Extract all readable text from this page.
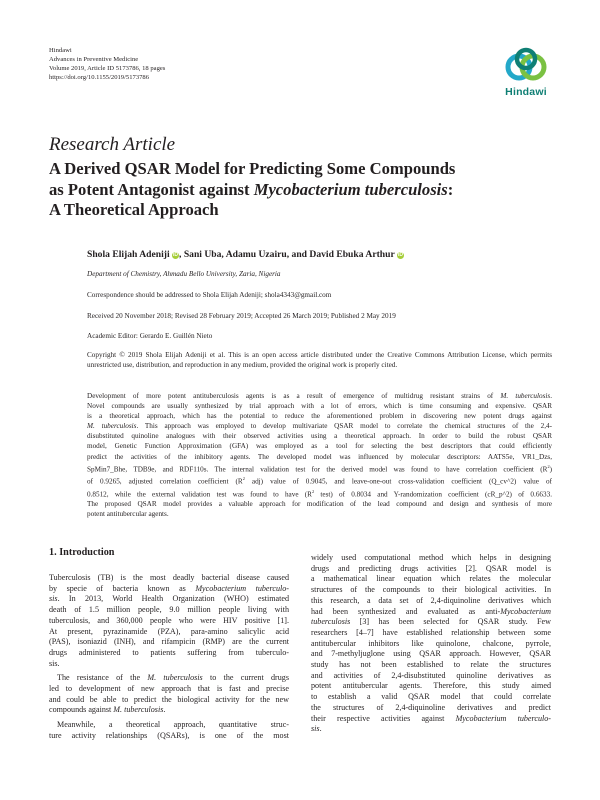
Hindawi
Advances in Preventive Medicine
Volume 2019, Article ID 5173786, 18 pages
https://doi.org/10.1155/2019/5173786
Hindawi
Research Article
A Derived QSAR Model for Predicting Some Compounds
as Potent Antagonist against Mycobacterium tuberculosis:
A Theoretical Approach
Shola Elijah Adeniji iD, Sani Uba, Adamu Uzairu, and David Ebuka Arthur iD
Department of Chemistry, Ahmadu Bello University, Zaria, Nigeria
Correspondence should be addressed to Shola Elijah Adeniji; shola4343@gmail.com
Received 20 November 2018; Revised 28 February 2019; Accepted 26 March 2019; Published 2 May 2019
Academic Editor: Gerardo E. Guillén Nieto
Copyright © 2019 Shola Elijah Adeniji et al. This is an open access article distributed under the Creative Commons Attribution License, which permits unrestricted use, distribution, and reproduction in any medium, provided the original work is properly cited.
Development of more potent antituberculosis agents is as a result of emergence of multidrug resistant strains of M. tuberculosis.
Novel compounds are usually synthesized by trial approach with a lot of errors, which is time consuming and expensive. QSAR
is a theoretical approach, which has the potential to reduce the aforementioned problem in discovering new potent drugs against
M. tuberculosis. This approach was employed to develop multivariate QSAR model to correlate the chemical structures of the 2,4-
disubstituted quinoline analogues with their observed activities using a theoretical approach. In order to build the robust QSAR
model, Genetic Function Approximation (GFA) was employed as a tool for selecting the best descriptors that could efficiently
predict the activities of the inhibitory agents. The developed model was influenced by molecular descriptors: AATS5e, VR1_Dzs,
SpMin7_Bhe, TDB9e, and RDF110s. The internal validation test for the derived model was found to have correlation coefficient $(R^2)$
of 0.9265, adjusted correlation coefficient ($R^2$ adj) value of 0.9045, and leave-one-out cross-validation coefficient (Q_cv^2) value of
0.8512, while the external validation test was found to have ($R^2$ test) of 0.8034 and Y-randomization coefficient (cR_p^2) of 0.6633.
The proposed QSAR model provides a valuable approach for modification of the lead compound and design and synthesis of more
potent antitubercular agents.
1. Introduction
Tuberculosis (TB) is the most deadly bacterial disease caused
by specie of bacteria known as Mycobacterium tuberculo-
sis. In 2013, World Health Organization (WHO) estimated
death of 1.5 million people, 9.0 million people living with
tuberculosis, and 360,000 people who were HIV positive [1].
At present, pyrazinamide (PZA), para-amino salicylic acid
(PAS), isoniazid (INH), and rifampicin (RMP) are the current
drugs administered to patients suffering from tuberculo-
sis.
The resistance of the M. tuberculosis to the current drugs
led to development of new approach that is fast and precise
and could be able to predict the biological activity for the new
compounds against M. tuberculosis.
Meanwhile, a theoretical approach, quantitative struc-
ture activity relationships (QSARs), is one of the most
widely used computational method which helps in designing
drugs and predicting drugs activities [2]. QSAR model is
a mathematical linear equation which relates the molecular
structures of the compounds to their biological activities. In
this research, a data set of 2,4-diquinoline derivatives which
had been synthesized and evaluated as anti-Mycobacterium
tuberculosis [3] has been selected for QSAR study. Few
researchers [4–7] have established relationship between some
antitubercular inhibitors like quinolone, chalcone, pyrrole,
and 7-methyljuglone using QSAR approach. However, QSAR
study has not been established to relate the structures
and activities of 2,4-disubstituted quinoline derivatives as
potent antitubercular agents. Therefore, this study aimed
to establish a valid QSAR model that could correlate
the structures of 2,4-diquinoline derivatives and predict
their respective activities against Mycobacterium tuberculo-
sis.
